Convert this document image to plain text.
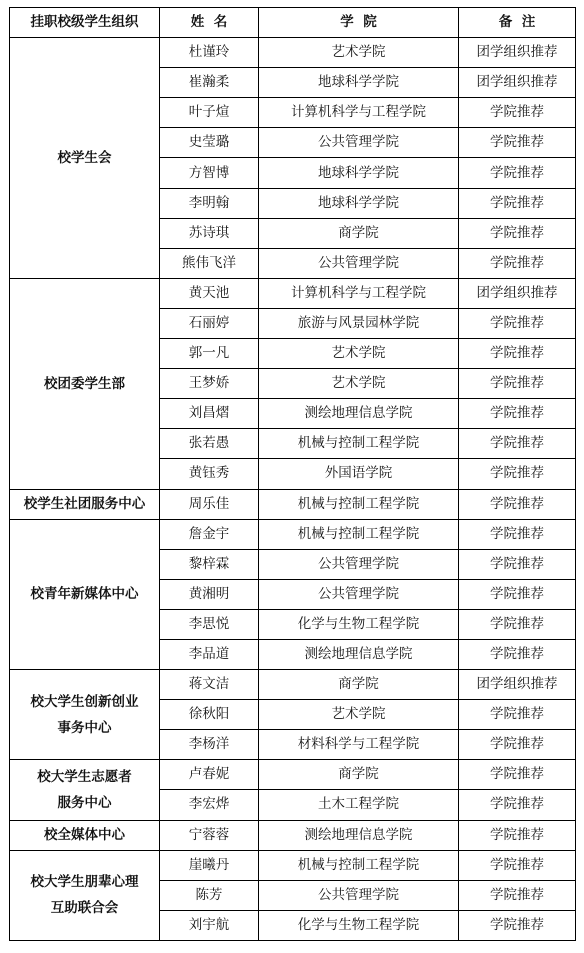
挂职校级学生组织	姓  名	学  院	备  注
校学生会	杜谨玲	艺术学院	团学组织推荐
	崔瀚柔	地球科学学院	团学组织推荐
	叶子煊	计算机科学与工程学院	学院推荐
	史莹璐	公共管理学院	学院推荐
	方智博	地球科学学院	学院推荐
	李明翰	地球科学学院	学院推荐
	苏诗琪	商学院	学院推荐
	熊伟飞洋	公共管理学院	学院推荐
校团委学生部	黄天池	计算机科学与工程学院	团学组织推荐
	石丽婷	旅游与风景园林学院	学院推荐
	郭一凡	艺术学院	学院推荐
	王梦娇	艺术学院	学院推荐
	刘昌熠	测绘地理信息学院	学院推荐
	张若愚	机械与控制工程学院	学院推荐
	黄钰秀	外国语学院	学院推荐
校学生社团服务中心	周乐佳	机械与控制工程学院	学院推荐
校青年新媒体中心	詹金宇	机械与控制工程学院	学院推荐
	黎梓霖	公共管理学院	学院推荐
	黄湘明	公共管理学院	学院推荐
	李思悦	化学与生物工程学院	学院推荐
	李品道	测绘地理信息学院	学院推荐
校大学生创新创业
事务中心	蒋文洁	商学院	团学组织推荐
	徐秋阳	艺术学院	学院推荐
	李杨洋	材料科学与工程学院	学院推荐
校大学生志愿者
服务中心	卢春妮	商学院	学院推荐
	李宏烨	土木工程学院	学院推荐
校全媒体中心	宁蓉蓉	测绘地理信息学院	学院推荐
校大学生朋辈心理
互助联合会	崖曦丹	机械与控制工程学院	学院推荐
	陈芳	公共管理学院	学院推荐
	刘宇航	化学与生物工程学院	学院推荐
